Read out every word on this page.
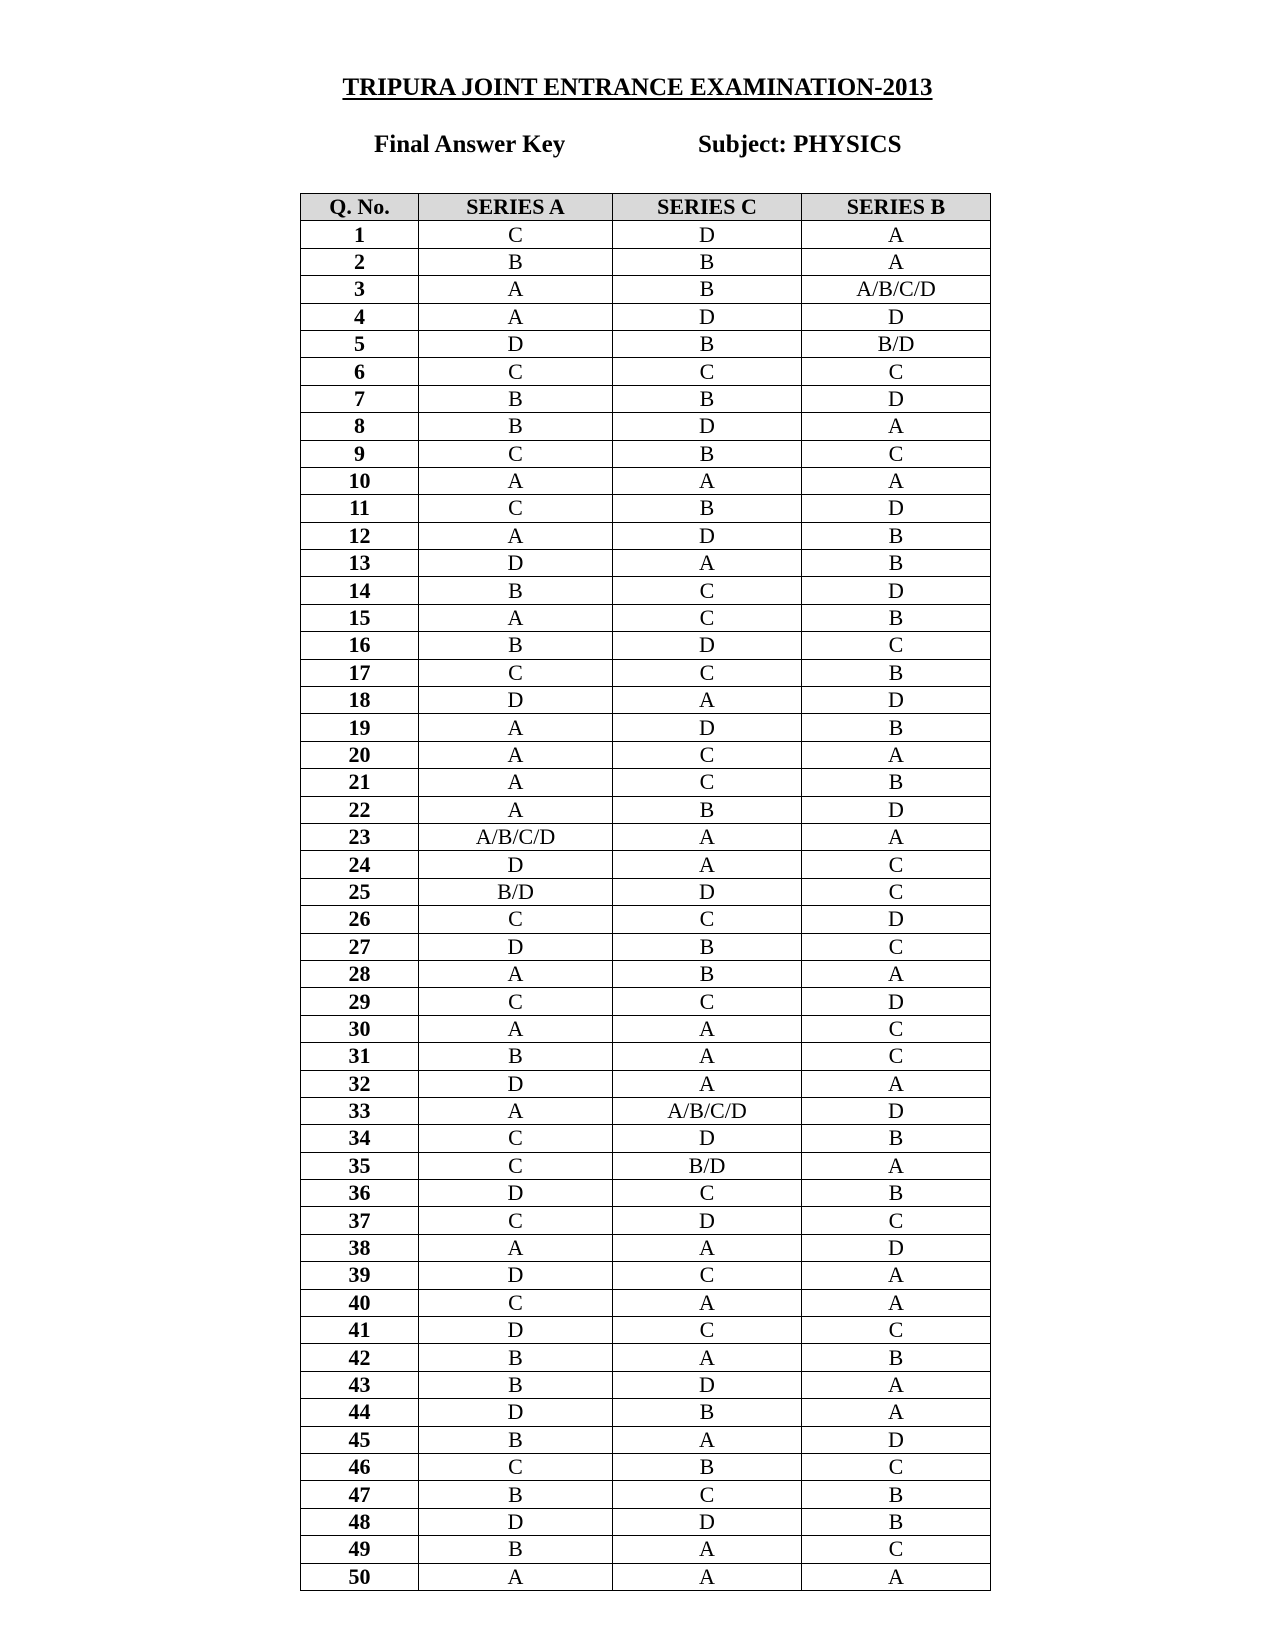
TRIPURA JOINT ENTRANCE EXAMINATION-2013
Final Answer Key	Subject: PHYSICS
Q. No.	SERIES A	SERIES C	SERIES B
1	C	D	A
2	B	B	A
3	A	B	A/B/C/D
4	A	D	D
5	D	B	B/D
6	C	C	C
7	B	B	D
8	B	D	A
9	C	B	C
10	A	A	A
11	C	B	D
12	A	D	B
13	D	A	B
14	B	C	D
15	A	C	B
16	B	D	C
17	C	C	B
18	D	A	D
19	A	D	B
20	A	C	A
21	A	C	B
22	A	B	D
23	A/B/C/D	A	A
24	D	A	C
25	B/D	D	C
26	C	C	D
27	D	B	C
28	A	B	A
29	C	C	D
30	A	A	C
31	B	A	C
32	D	A	A
33	A	A/B/C/D	D
34	C	D	B
35	C	B/D	A
36	D	C	B
37	C	D	C
38	A	A	D
39	D	C	A
40	C	A	A
41	D	C	C
42	B	A	B
43	B	D	A
44	D	B	A
45	B	A	D
46	C	B	C
47	B	C	B
48	D	D	B
49	B	A	C
50	A	A	A
